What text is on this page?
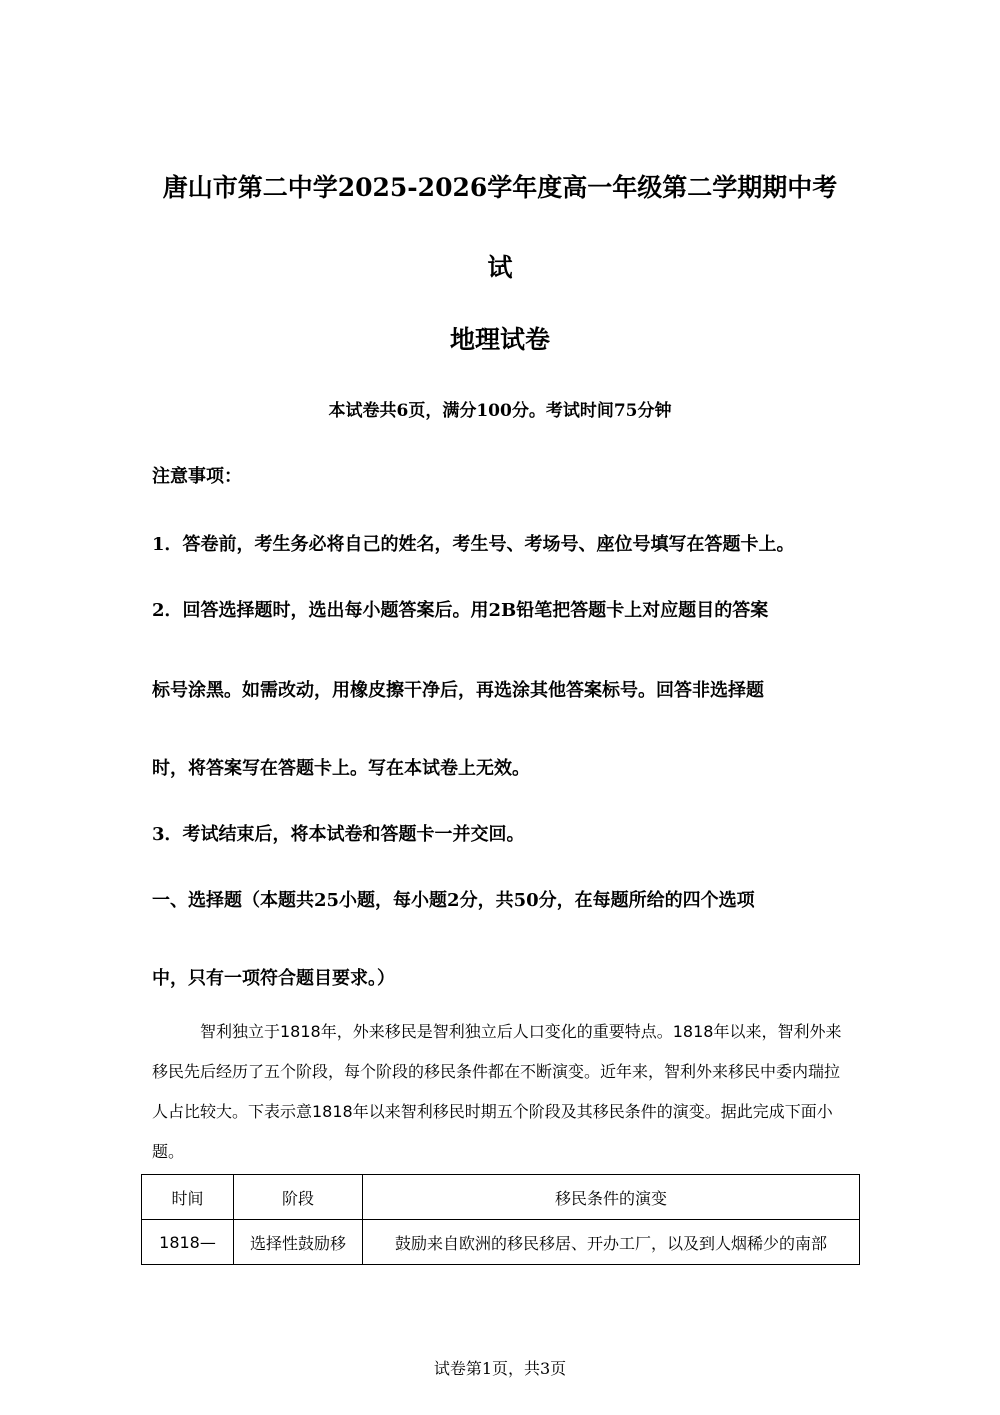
唐山市第二中学2025-2026学年度高一年级第二学期期中考
试
地理试卷
本试卷共6页，满分100分。考试时间75分钟
注意事项：
1．答卷前，考生务必将自己的姓名，考生号、考场号、座位号填写在答题卡上。
2．回答选择题时，选出每小题答案后。用2B铅笔把答题卡上对应题目的答案
标号涂黑。如需改动，用橡皮擦干净后，再选涂其他答案标号。回答非选择题
时，将答案写在答题卡上。写在本试卷上无效。
3．考试结束后，将本试卷和答题卡一并交回。
一、选择题（本题共25小题，每小题2分，共50分，在每题所给的四个选项
中，只有一项符合题目要求。）

智利独立于1818年，外来移民是智利独立后人口变化的重要特点。1818年以来，智利外来移民先后经历了五个阶段，每个阶段的移民条件都在不断演变。近年来，智利外来移民中委内瑞拉人占比较大。下表示意1818年以来智利移民时期五个阶段及其移民条件的演变。据此完成下面小题。

时间	阶段	移民条件的演变
1818—	选择性鼓励移	鼓励来自欧洲的移民移居、开办工厂，以及到人烟稀少的南部
试卷第1页，共3页
